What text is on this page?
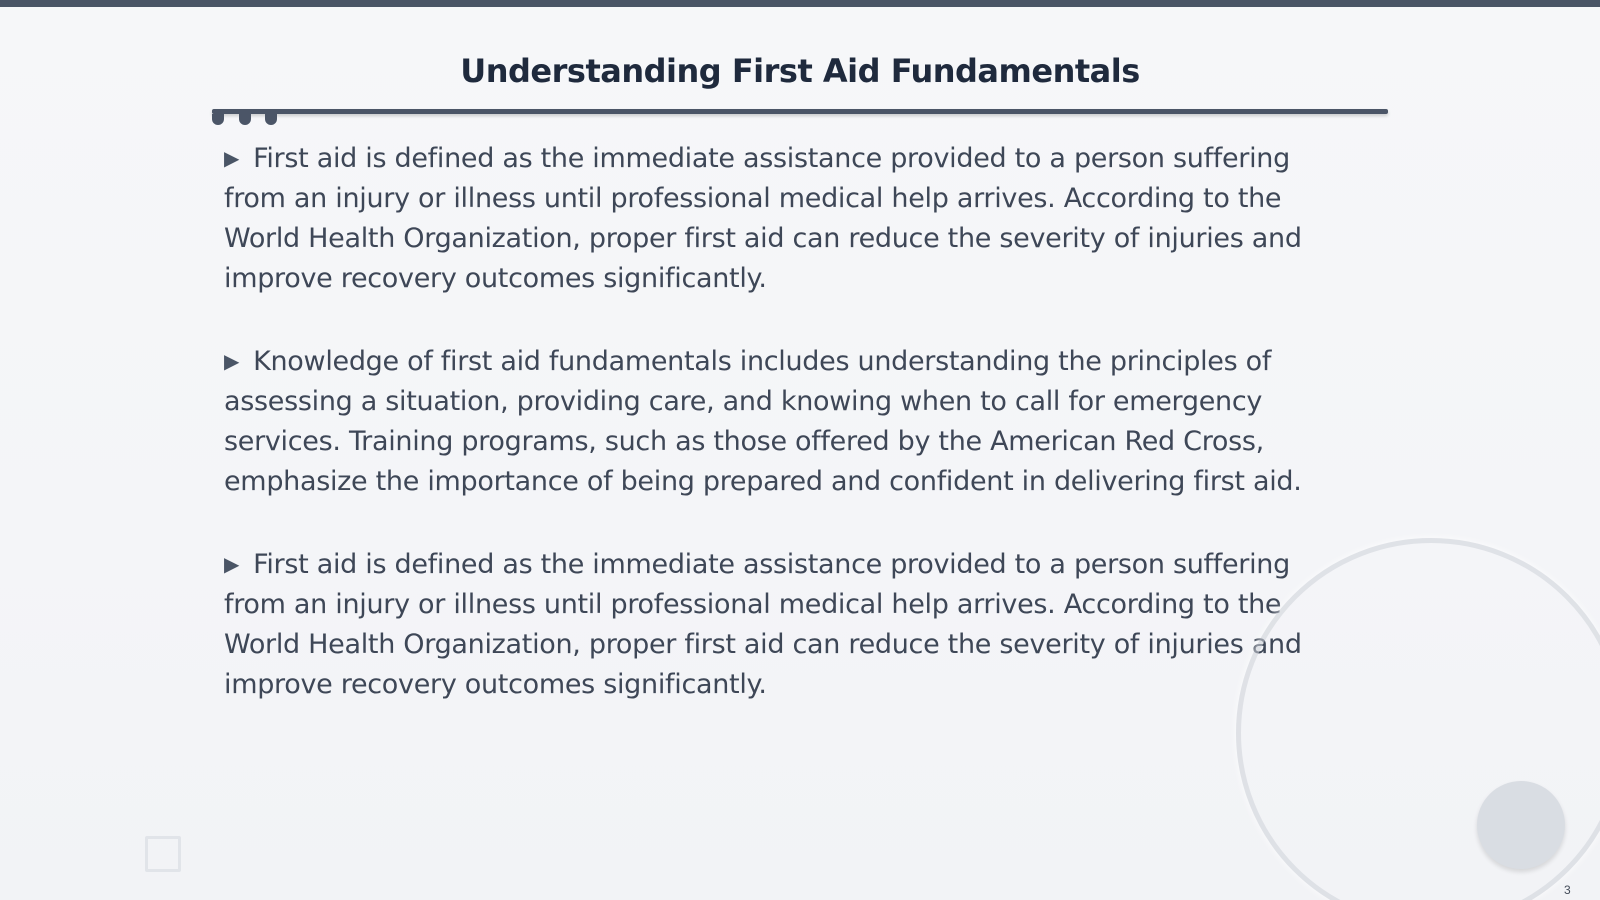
Understanding First Aid Fundamentals

▶ First aid is defined as the immediate assistance provided to a person suffering from an injury or illness until professional medical help arrives. According to the World Health Organization, proper first aid can reduce the severity of injuries and improve recovery outcomes significantly.

▶ Knowledge of first aid fundamentals includes understanding the principles of assessing a situation, providing care, and knowing when to call for emergency services. Training programs, such as those offered by the American Red Cross, emphasize the importance of being prepared and confident in delivering first aid.

▶ First aid is defined as the immediate assistance provided to a person suffering from an injury or illness until professional medical help arrives. According to the World Health Organization, proper first aid can reduce the severity of injuries and improve recovery outcomes significantly.

3
